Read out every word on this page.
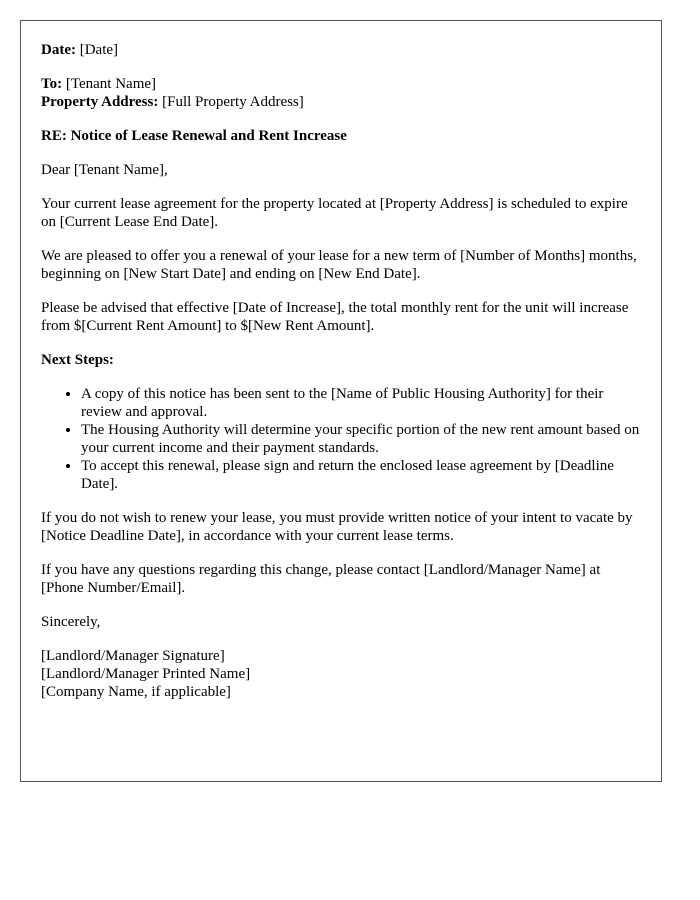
Date: [Date]

To: [Tenant Name]

Property Address: [Full Property Address]

RE: Notice of Lease Renewal and Rent Increase

Dear [Tenant Name],

Your current lease agreement for the property located at [Property Address] is scheduled to expire on [Current Lease End Date].

We are pleased to offer you a renewal of your lease for a new term of [Number of Months] months, beginning on [New Start Date] and ending on [New End Date].

Please be advised that effective [Date of Increase], the total monthly rent for the unit will increase from $[Current Rent Amount] to $[New Rent Amount].

Next Steps:

• A copy of this notice has been sent to the [Name of Public Housing Authority] for their review and approval.
• The Housing Authority will determine your specific portion of the new rent amount based on your current income and their payment standards.
• To accept this renewal, please sign and return the enclosed lease agreement by [Deadline Date].

If you do not wish to renew your lease, you must provide written notice of your intent to vacate by [Notice Deadline Date], in accordance with your current lease terms.

If you have any questions regarding this change, please contact [Landlord/Manager Name] at [Phone Number/Email].

Sincerely,

[Landlord/Manager Signature]

[Landlord/Manager Printed Name]

[Company Name, if applicable]
